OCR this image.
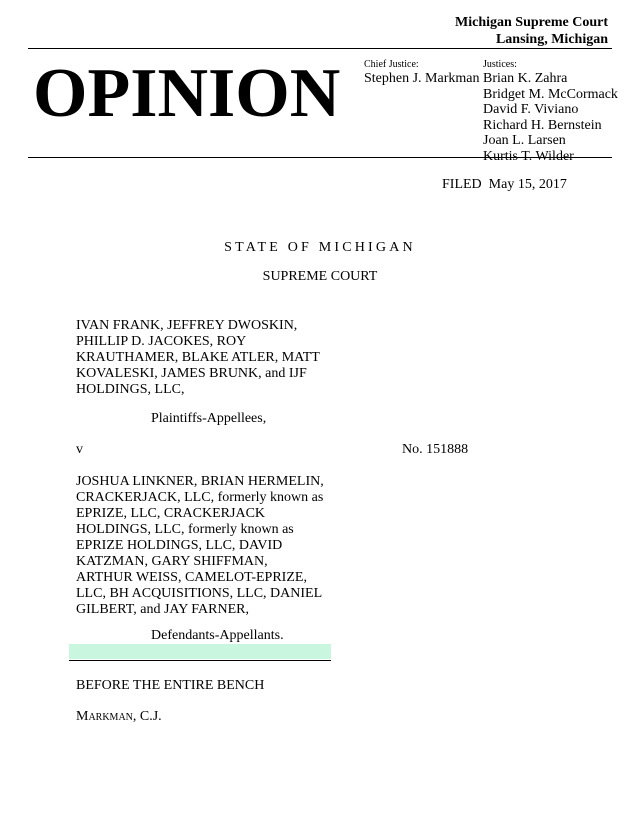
Michigan Supreme Court
Lansing, Michigan
OPINION Chief Justice:
Stephen J. Markman
Justices:
Brian K. Zahra
Bridget M. McCormack
David F. Viviano
Richard H. Bernstein
Joan L. Larsen
Kurtis T. Wilder
FILED  May 15, 2017
STATE OF MICHIGAN
SUPREME COURT
IVAN FRANK, JEFFREY DWOSKIN,
PHILLIP D. JACOKES, ROY
KRAUTHAMER, BLAKE ATLER, MATT
KOVALESKI, JAMES BRUNK, and IJF
HOLDINGS, LLC,
Plaintiffs-Appellees,
v	No. 151888
JOSHUA LINKNER, BRIAN HERMELIN,
CRACKERJACK, LLC, formerly known as
EPRIZE, LLC, CRACKERJACK
HOLDINGS, LLC, formerly known as
EPRIZE HOLDINGS, LLC, DAVID
KATZMAN, GARY SHIFFMAN,
ARTHUR WEISS, CAMELOT-EPRIZE,
LLC, BH ACQUISITIONS, LLC, DANIEL
GILBERT, and JAY FARNER,
Defendants-Appellants.
BEFORE THE ENTIRE BENCH
Markman, C.J.
